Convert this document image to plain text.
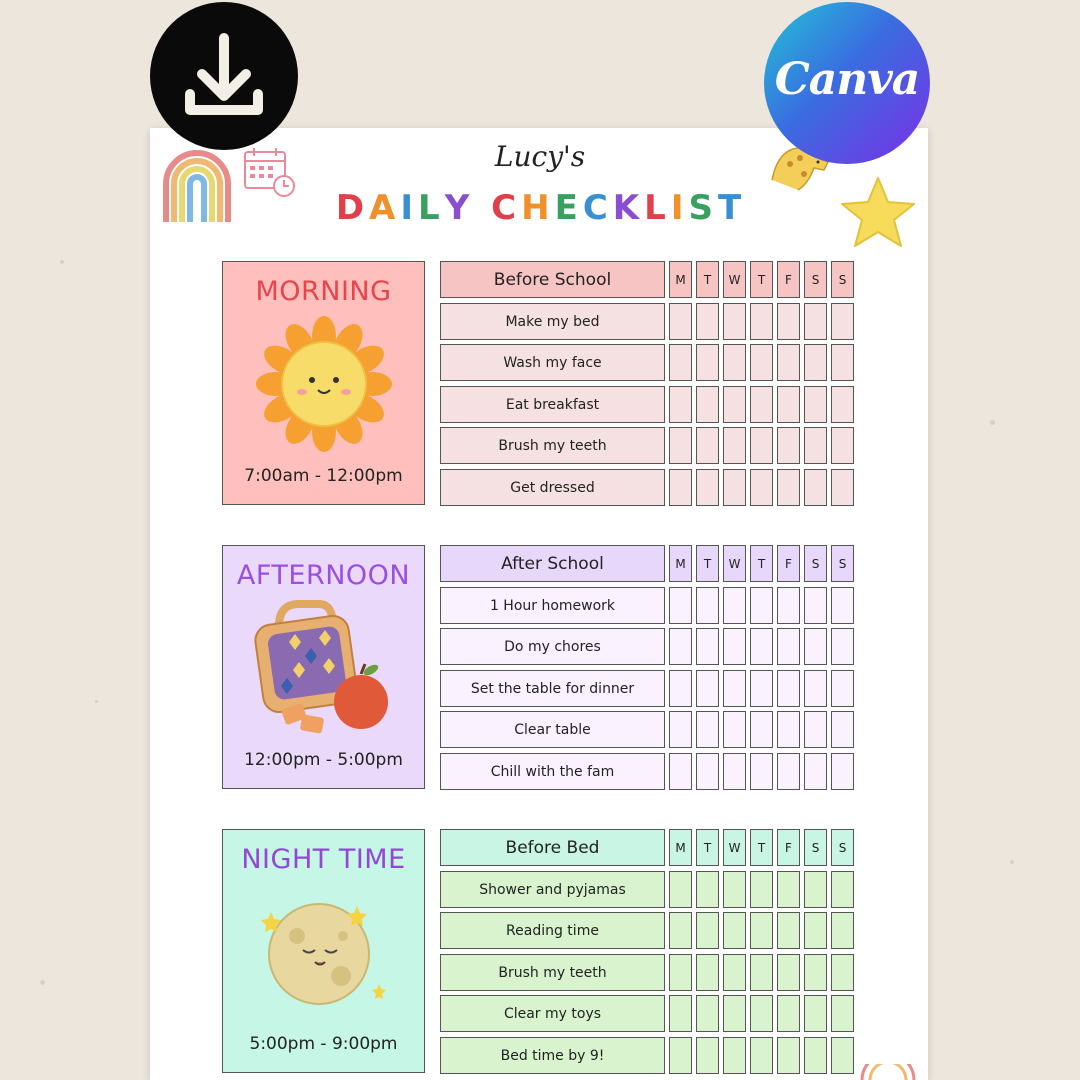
Canva
Lucy's
DAILY CHECKLIST
MORNING
7:00am - 12:00pm
Before School	M	T	W	T	F	S	S
Make my bed
Wash my face
Eat breakfast
Brush my teeth
Get dressed
AFTERNOON
12:00pm - 5:00pm
After School	M	T	W	T	F	S	S
1 Hour homework
Do my chores
Set the table for dinner
Clear table
Chill with the fam
NIGHT TIME
5:00pm - 9:00pm
Before Bed	M	T	W	T	F	S	S
Shower and pyjamas
Reading time
Brush my teeth
Clear my toys
Bed time by 9!
